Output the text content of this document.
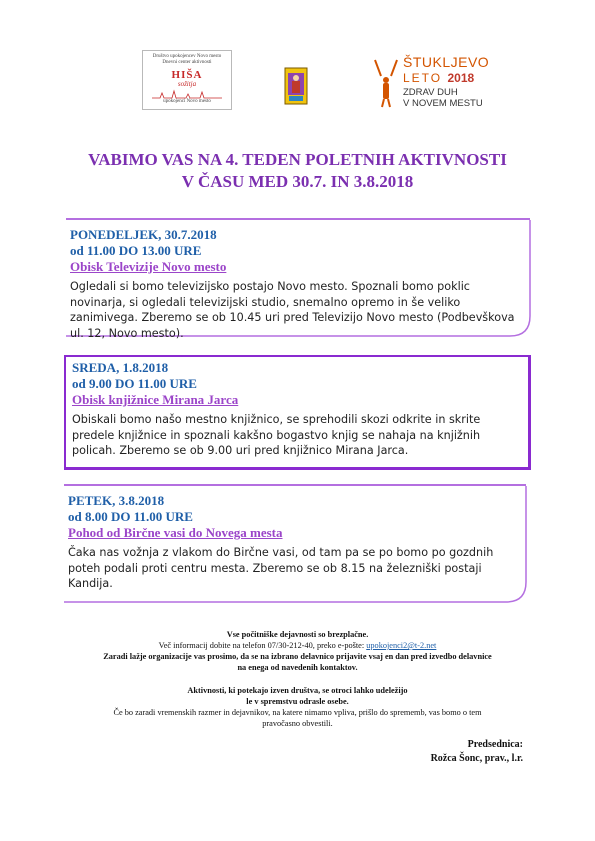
Društvo upokojencev Novo mesto
Dnevni center aktivnosti
HIŠA
sožitja
upokojenci Novo mesto
ŠTUKLJEVO
LETO 2018
ZDRAV DUH
V NOVEM MESTU
VABIMO VAS NA 4. TEDEN POLETNIH AKTIVNOSTI
V ČASU MED 30.7. IN 3.8.2018
PONEDELJEK, 30.7.2018
od 11.00 DO 13.00 URE
Obisk Televizije Novo mesto
Ogledali si bomo televizijsko postajo Novo mesto. Spoznali bomo poklic novinarja, si ogledali televizijski studio, snemalno opremo in še veliko zanimivega. Zberemo se ob 10.45 uri pred Televizijo Novo mesto (Podbevškova ul. 12, Novo mesto).
SREDA, 1.8.2018
od 9.00 DO 11.00 URE
Obisk knjižnice Mirana Jarca
Obiskali bomo našo mestno knjižnico, se sprehodili skozi odkrite in skrite predele knjižnice in spoznali kakšno bogastvo knjig se nahaja na knjižnih policah. Zberemo se ob 9.00 uri pred knjižnico Mirana Jarca.
PETEK, 3.8.2018
od 8.00 DO 11.00 URE
Pohod od Birčne vasi do Novega mesta
Čaka nas vožnja z vlakom do Birčne vasi, od tam pa se po bomo po gozdnih poteh podali proti centru mesta. Zberemo se ob 8.15 na železniški postaji Kandija.
Vse počitniške dejavnosti so brezplačne.
Več informacij dobite na telefon 07/30-212-40, preko e-pošte: upokojenci2@t-2.net
Zaradi lažje organizacije vas prosimo, da se na izbrano delavnico prijavite vsaj en dan pred izvedbo delavnice
na enega od navedenih kontaktov.
Aktivnosti, ki potekajo izven društva, se otroci lahko udeležijo
le v spremstvu odrasle osebe.
Če bo zaradi vremenskih razmer in dejavnikov, na katere nimamo vpliva, prišlo do sprememb, vas bomo o tem
pravočasno obvestili.
Predsednica:
Rožca Šonc, prav., l.r.
